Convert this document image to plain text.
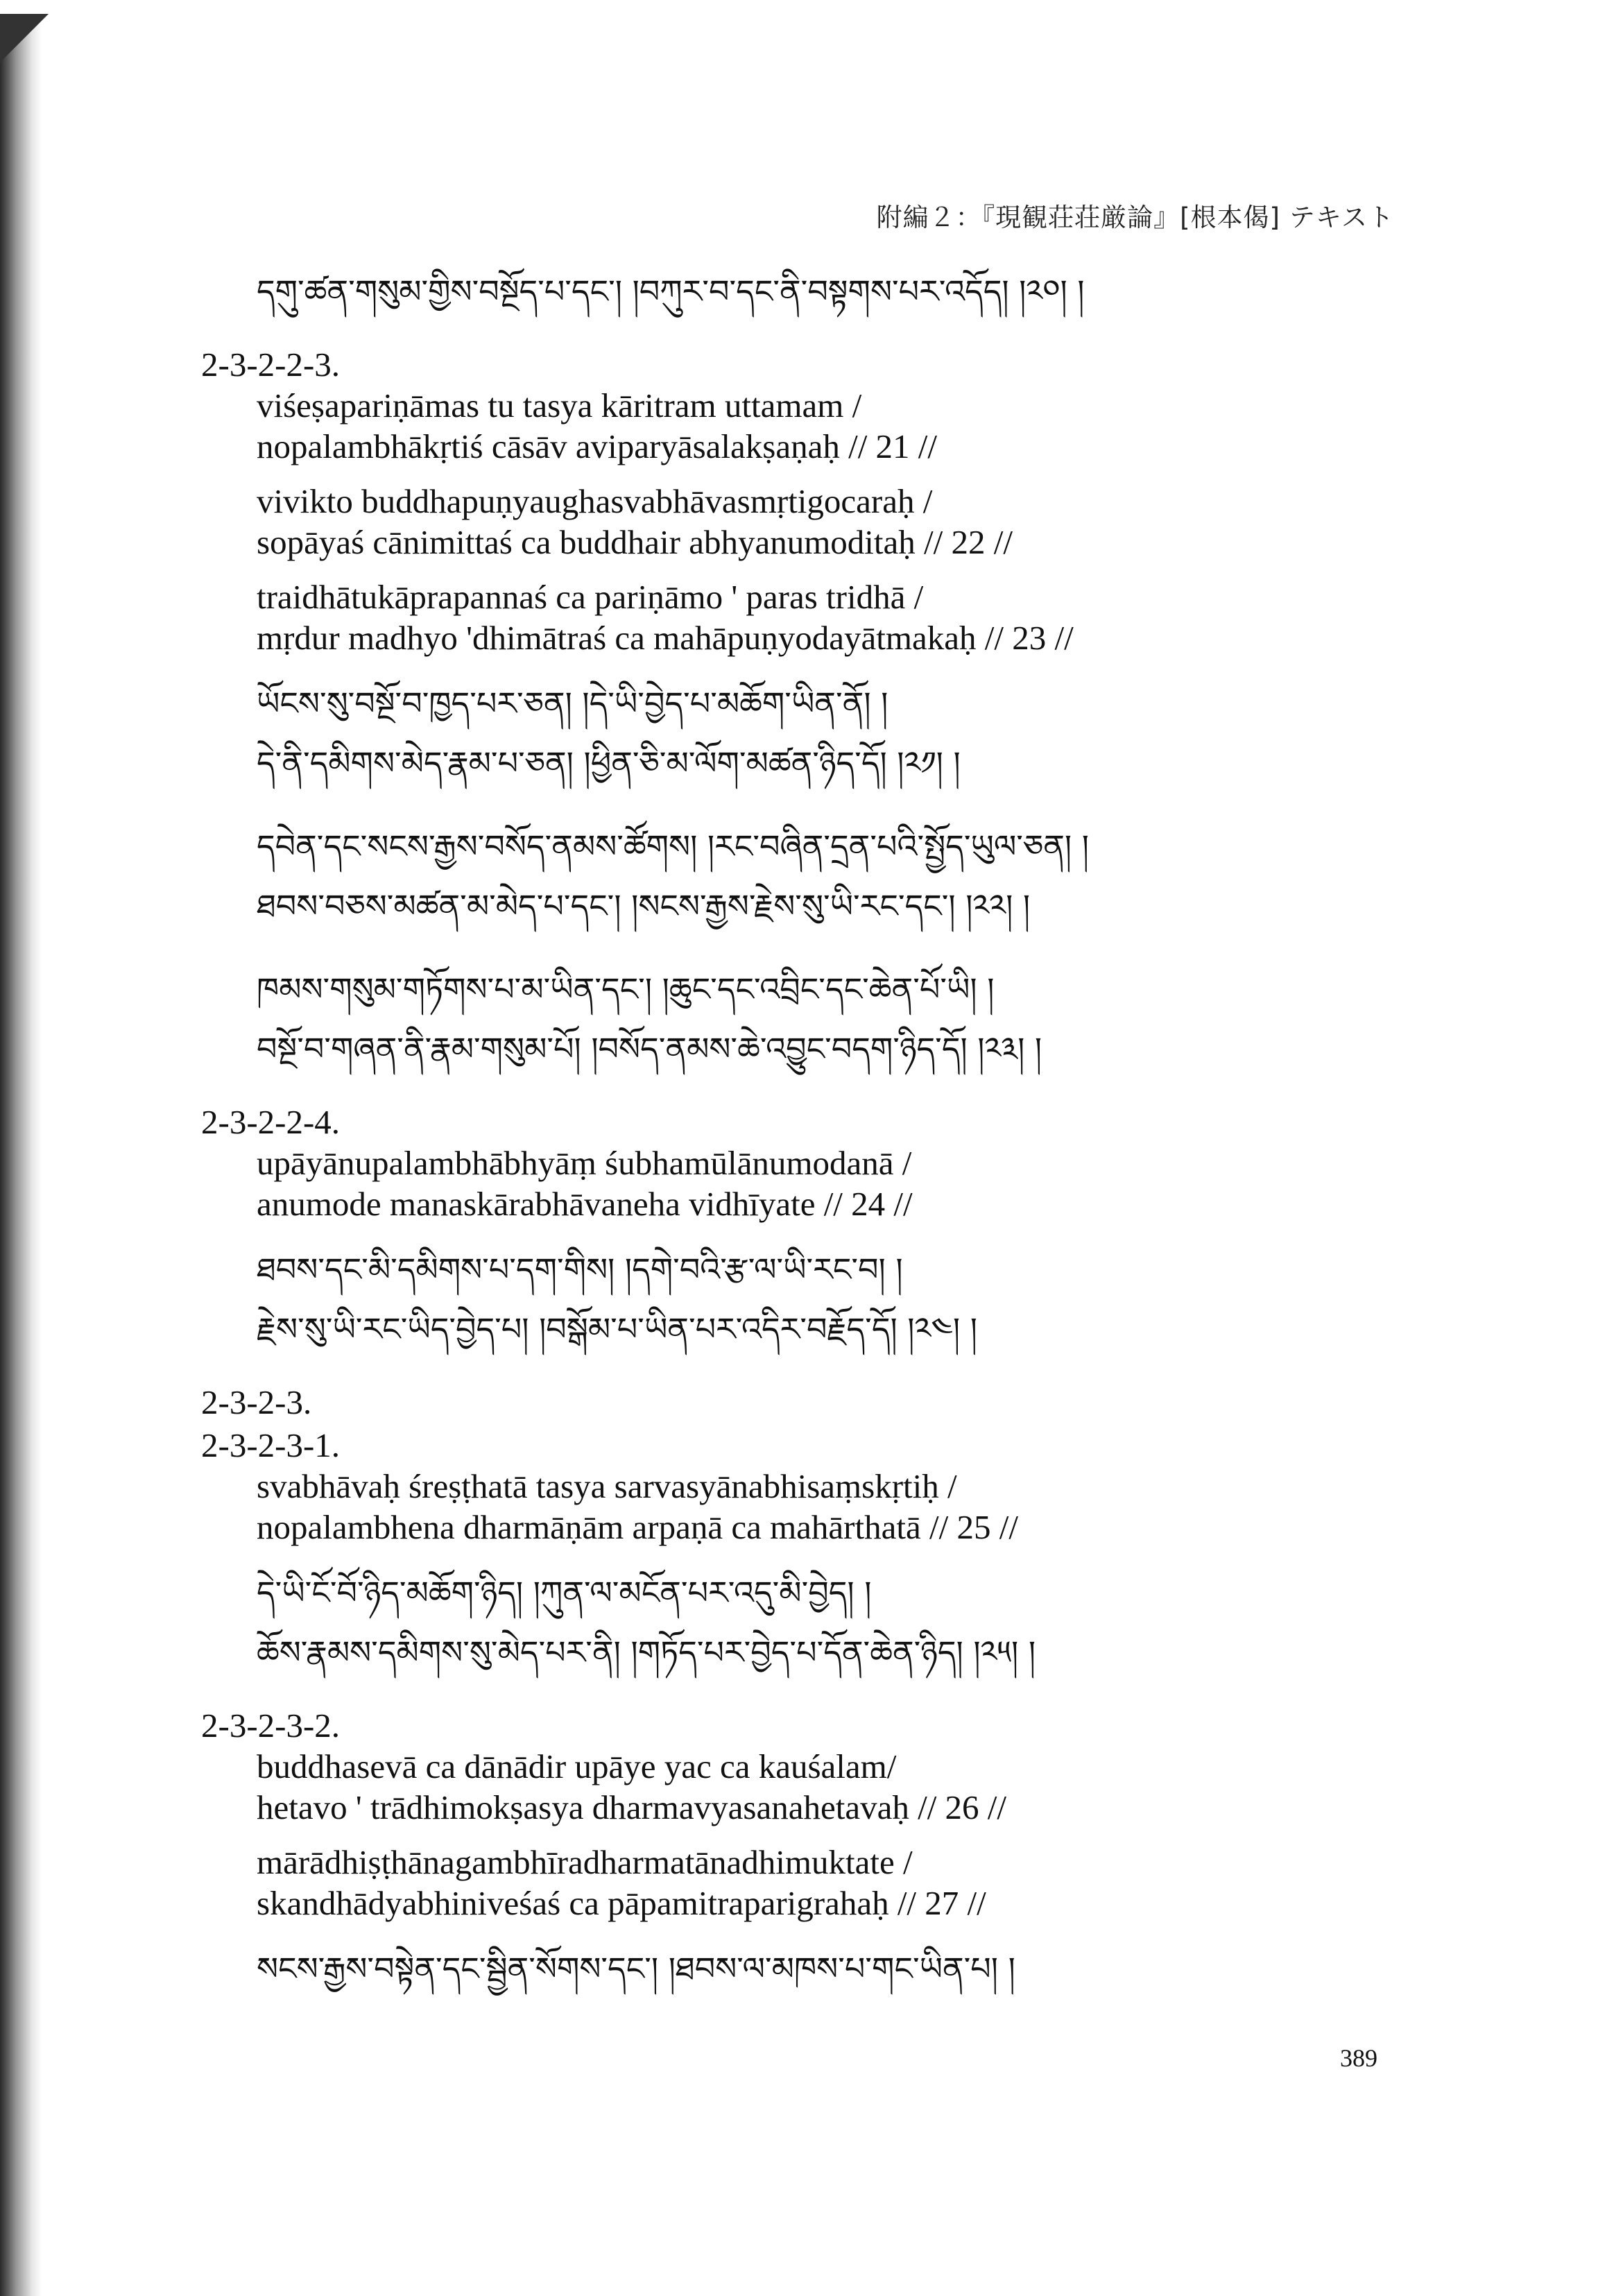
附編２：『現観荘荘厳論』[根本偈] テキスト
དགུ་ཚན་གསུམ་གྱིས་བསྔོད་པ་དང་། །བཀུར་བ་དང་ནི་བསྟགས་པར་འདོད། །༢༠། །
2-3-2-2-3.
viśeṣapariṇāmas tu tasya kāritram uttamam /
nopalambhākṛtiś cāsāv aviparyāsalakṣaṇaḥ // 21 //
vivikto buddhapuṇyaughasvabhāvasmṛtigocaraḥ /
sopāyaś cānimittaś ca buddhair abhyanumoditaḥ // 22 //
traidhātukāprapannaś ca pariṇāmo ' paras tridhā /
mṛdur madhyo 'dhimātraś ca mahāpuṇyodayātmakaḥ // 23 //
ཡོངས་སུ་བསྔོ་བ་ཁྱད་པར་ཅན། །དེ་ཡི་བྱེད་པ་མཆོག་ཡིན་ནོ། །
དེ་ནི་དམིགས་མེད་རྣམ་པ་ཅན། །ཕྱིན་ཅི་མ་ལོག་མཚན་ཉིད་དོ། །༢༡། །
དབེན་དང་སངས་རྒྱས་བསོད་ནམས་ཚོགས། །རང་བཞིན་དྲན་པའི་སྤྱོད་ཡུལ་ཅན། །
ཐབས་བཅས་མཚན་མ་མེད་པ་དང་། །སངས་རྒྱས་རྗེས་སུ་ཡི་རང་དང་། །༢༢། །
ཁམས་གསུམ་གཏོགས་པ་མ་ཡིན་དང་། །ཆུང་དང་འབྲིང་དང་ཆེན་པོ་ཡི། །
བསྔོ་བ་གཞན་ནི་རྣམ་གསུམ་པོ། །བསོད་ནམས་ཆེ་འབྱུང་བདག་ཉིད་དོ། །༢༣། །
2-3-2-2-4.
upāyānupalambhābhyāṃ śubhamūlānumodanā /
anumode manaskārabhāvaneha vidhīyate // 24 //
ཐབས་དང་མི་དམིགས་པ་དག་གིས། །དགེ་བའི་རྩ་ལ་ཡི་རང་བ། །
རྗེས་སུ་ཡི་རང་ཡིད་བྱེད་པ། །བསྒོམ་པ་ཡིན་པར་འདིར་བརྗོད་དོ། །༢༤། །
2-3-2-3.
2-3-2-3-1.
svabhāvaḥ śreṣṭhatā tasya sarvasyānabhisaṃskṛtiḥ /
nopalambhena dharmāṇām arpaṇā ca mahārthatā // 25 //
དེ་ཡི་ངོ་བོ་ཉིད་མཆོག་ཉིད། །ཀུན་ལ་མངོན་པར་འདུ་མི་བྱེད། །
ཆོས་རྣམས་དམིགས་སུ་མེད་པར་ནི། །གཏོད་པར་བྱེད་པ་དོན་ཆེན་ཉིད། །༢༥། །
2-3-2-3-2.
buddhasevā ca dānādir upāye yac ca kauśalam/
hetavo ' trādhimokṣasya dharmavyasanahetavaḥ // 26 //
mārādhiṣṭhānagambhīradharmatānadhimuktate /
skandhādyabhiniveśaś ca pāpamitraparigrahaḥ // 27 //
སངས་རྒྱས་བསྟེན་དང་སྦྱིན་སོགས་དང་། །ཐབས་ལ་མཁས་པ་གང་ཡིན་པ། །
389
